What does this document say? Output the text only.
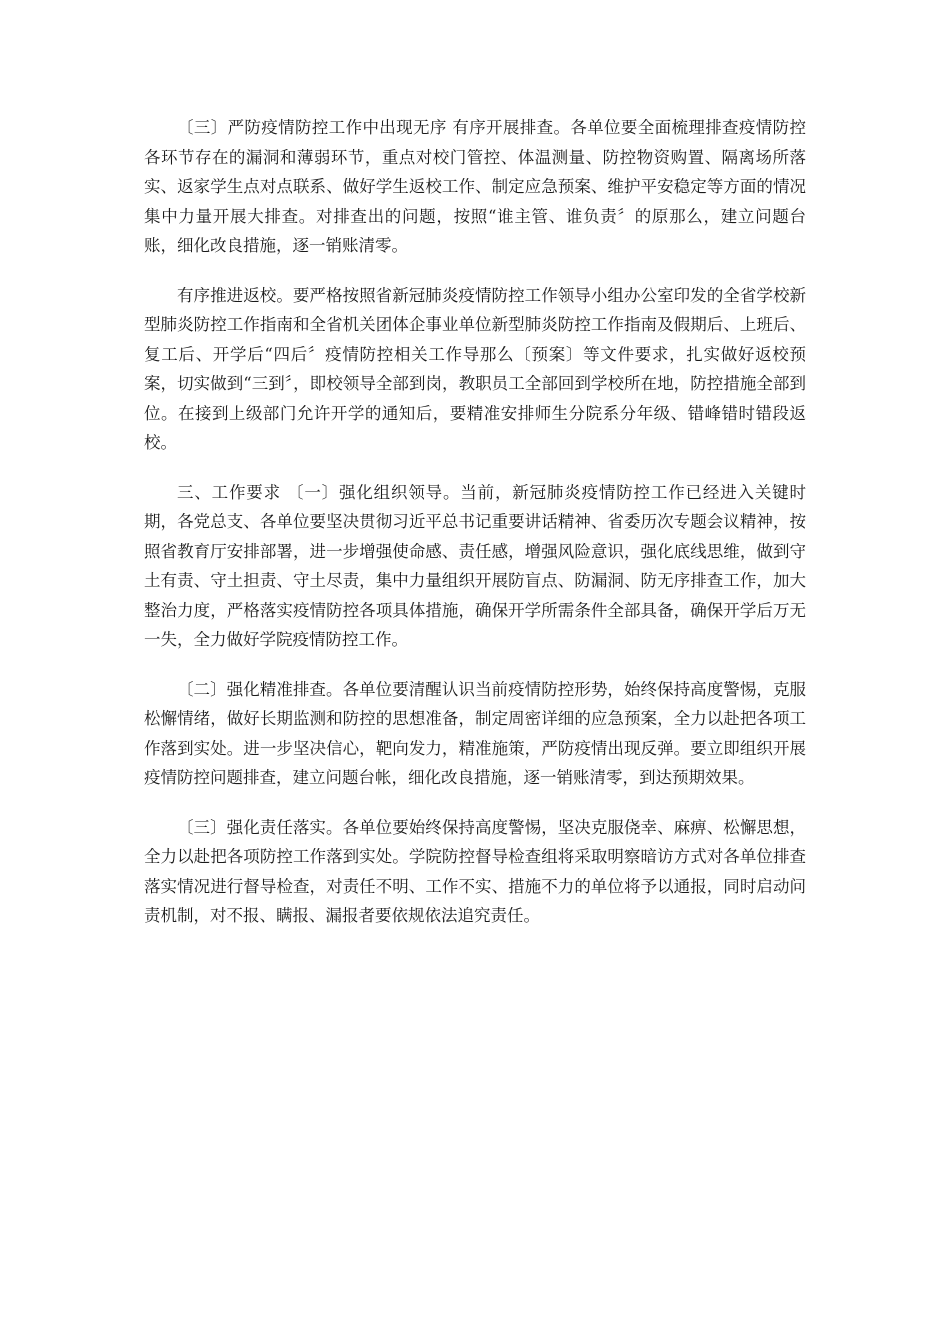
〔三〕严防疫情防控工作中出现无序 有序开展排查。各单位要全面梳理排查疫情防控各环节存在的漏洞和薄弱环节，重点对校门管控、体温测量、防控物资购置、隔离场所落实、返家学生点对点联系、做好学生返校工作、制定应急预案、维护平安稳定等方面的情况集中力量开展大排查。对排查出的问题，按照“谁主管、谁负责〞的原那么，建立问题台账，细化改良措施，逐一销账清零。

有序推进返校。要严格按照省新冠肺炎疫情防控工作领导小组办公室印发的全省学校新型肺炎防控工作指南和全省机关团体企事业单位新型肺炎防控工作指南及假期后、上班后、复工后、开学后“四后〞疫情防控相关工作导那么〔预案〕等文件要求，扎实做好返校预案，切实做到“三到〞，即校领导全部到岗，教职员工全部回到学校所在地，防控措施全部到位。在接到上级部门允许开学的通知后，要精准安排师生分院系分年级、错峰错时错段返校。

三、工作要求 〔一〕强化组织领导。当前，新冠肺炎疫情防控工作已经进入关键时期，各党总支、各单位要坚决贯彻习近平总书记重要讲话精神、省委历次专题会议精神，按照省教育厅安排部署，进一步增强使命感、责任感，增强风险意识，强化底线思维，做到守土有责、守土担责、守土尽责，集中力量组织开展防盲点、防漏洞、防无序排查工作，加大整治力度，严格落实疫情防控各项具体措施，确保开学所需条件全部具备，确保开学后万无一失，全力做好学院疫情防控工作。

〔二〕强化精准排查。各单位要清醒认识当前疫情防控形势，始终保持高度警惕，克服松懈情绪，做好长期监测和防控的思想准备，制定周密详细的应急预案，全力以赴把各项工作落到实处。进一步坚决信心，靶向发力，精准施策，严防疫情出现反弹。要立即组织开展疫情防控问题排查，建立问题台帐，细化改良措施，逐一销账清零，到达预期效果。

〔三〕强化责任落实。各单位要始终保持高度警惕，坚决克服侥幸、麻痹、松懈思想，全力以赴把各项防控工作落到实处。学院防控督导检查组将采取明察暗访方式对各单位排查落实情况进行督导检查，对责任不明、工作不实、措施不力的单位将予以通报，同时启动问责机制，对不报、瞒报、漏报者要依规依法追究责任。
